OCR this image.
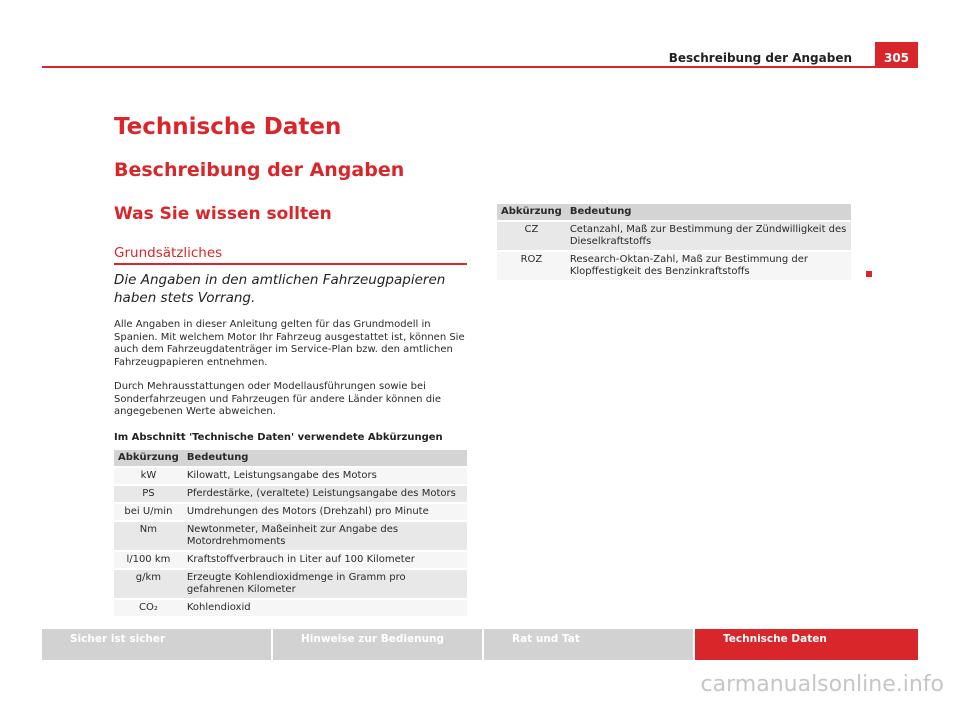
Beschreibung der Angaben	305
Technische Daten
Beschreibung der Angaben
Was Sie wissen sollten
Grundsätzliches
Die Angaben in den amtlichen Fahrzeugpapieren haben stets Vorrang.
Alle Angaben in dieser Anleitung gelten für das Grundmodell in Spanien. Mit welchem Motor Ihr Fahrzeug ausgestattet ist, können Sie auch dem Fahrzeugdatenträger im Service-Plan bzw. den amtlichen Fahrzeugpapieren entnehmen.
Durch Mehrausstattungen oder Modellausführungen sowie bei Sonderfahrzeugen und Fahrzeugen für andere Länder können die angegebenen Werte abweichen.
Im Abschnitt 'Technische Daten' verwendete Abkürzungen
Abkürzung	Bedeutung
kW	Kilowatt, Leistungsangabe des Motors
PS	Pferdestärke, (veraltete) Leistungsangabe des Motors
bei U/min	Umdrehungen des Motors (Drehzahl) pro Minute
Nm	Newtonmeter, Maßeinheit zur Angabe des Motordrehmoments
l/100 km	Kraftstoffverbrauch in Liter auf 100 Kilometer
g/km	Erzeugte Kohlendioxidmenge in Gramm pro gefahrenen Kilometer
CO₂	Kohlendioxid
Abkürzung	Bedeutung
CZ	Cetanzahl, Maß zur Bestimmung der Zündwilligkeit des Dieselkraftstoffs
ROZ	Research-Oktan-Zahl, Maß zur Bestimmung der Klopffestigkeit des Benzinkraftstoffs
Sicher ist sicher	Hinweise zur Bedienung	Rat und Tat	Technische Daten
carmanualsonline.info
